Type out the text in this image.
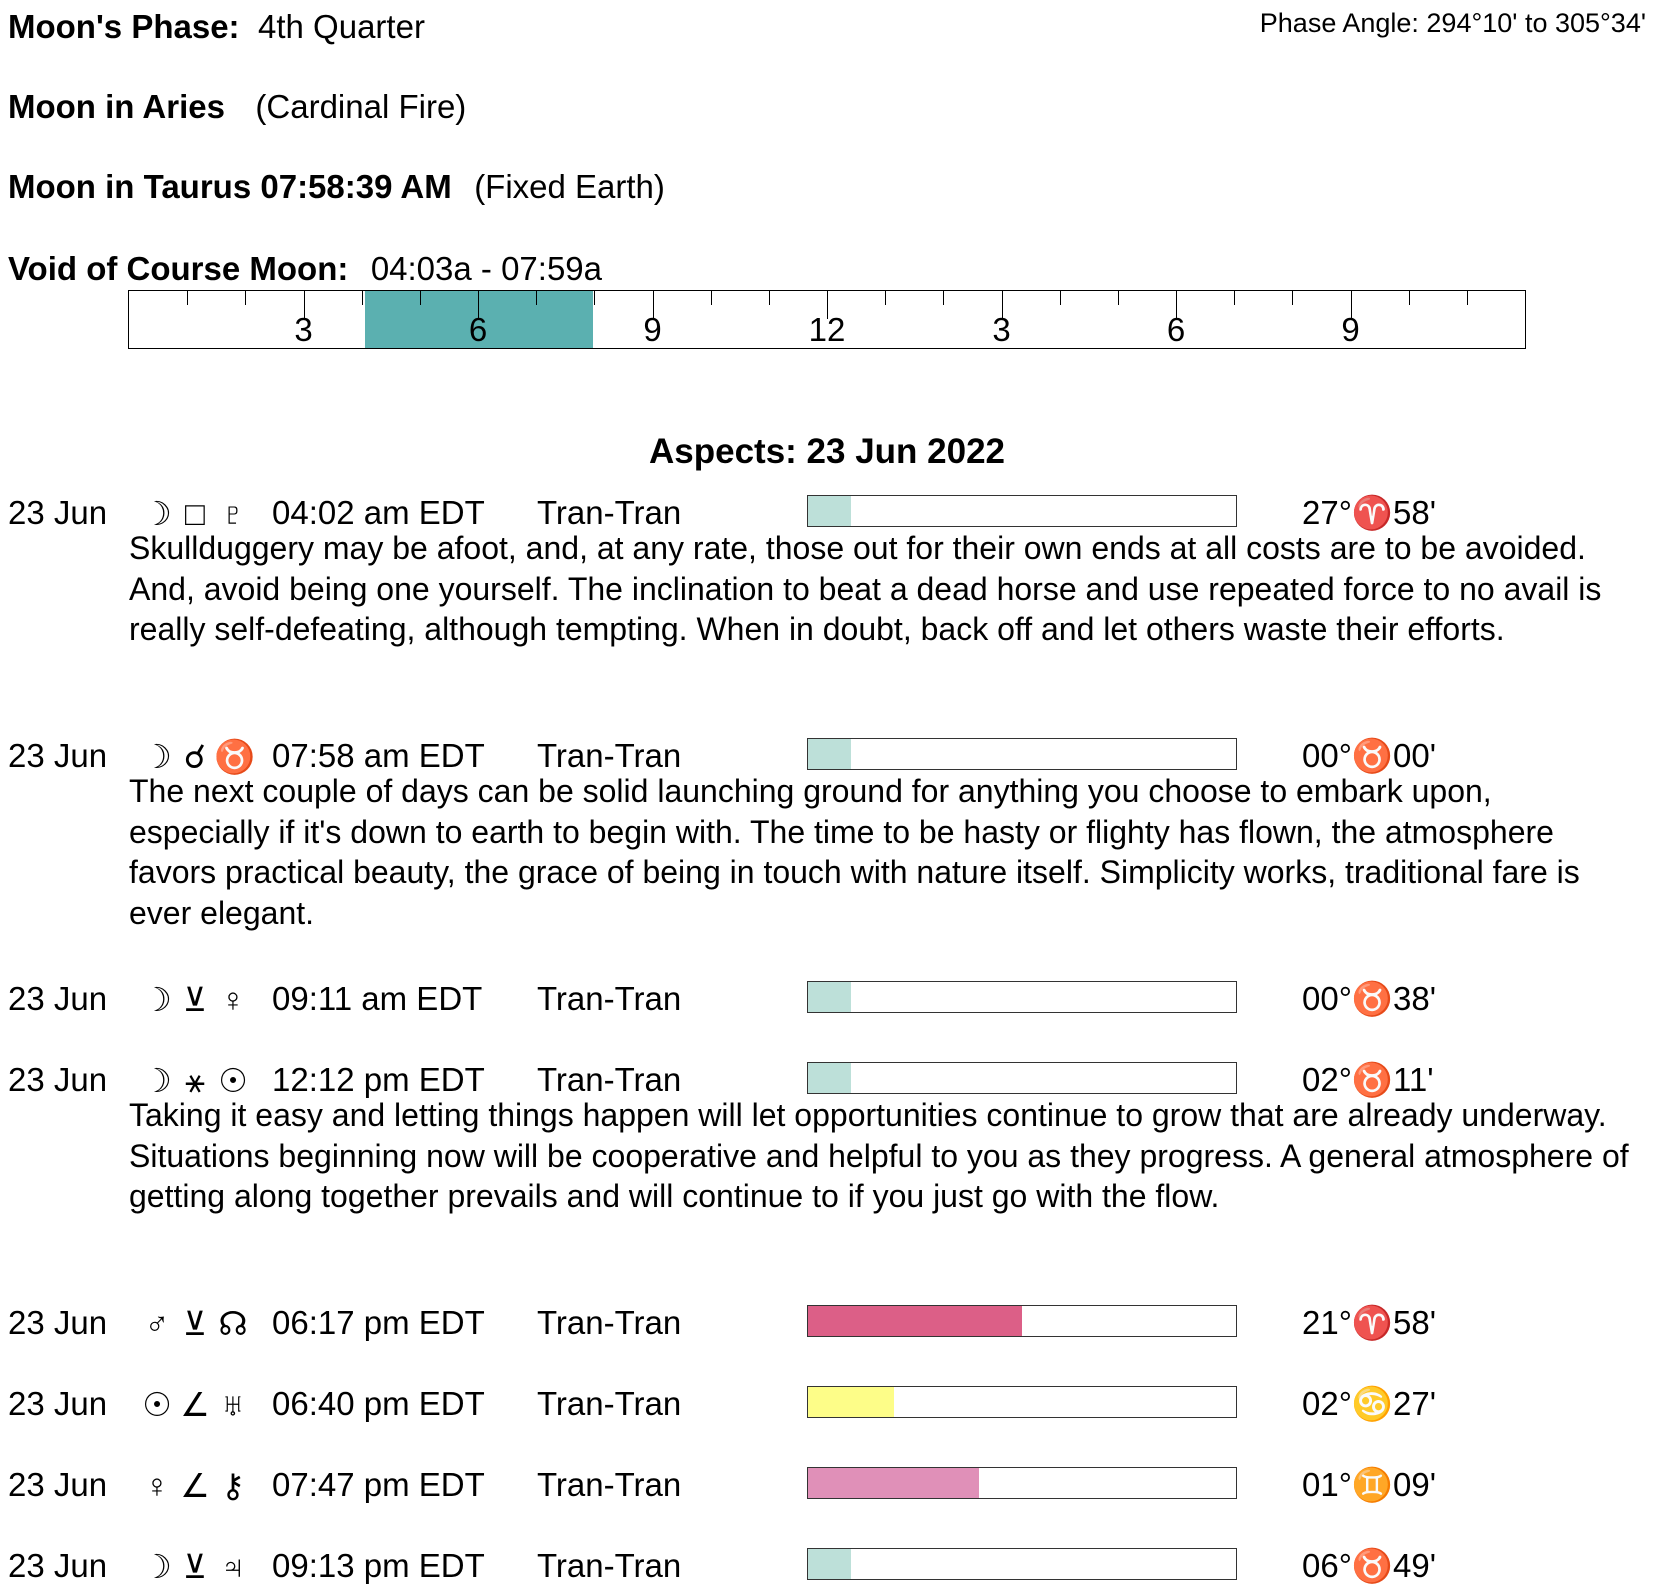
Moon's Phase: 4th Quarter	Phase Angle: 294°10' to 305°34'
Moon in Aries (Cardinal Fire)
Moon in Taurus 07:58:39 AM (Fixed Earth)
Void of Course Moon: 04:03a - 07:59a
3	6	9	12	3	6	9
Aspects: 23 Jun 2022
23 Jun ☽ □ ♇ 04:02 am EDT Tran-Tran	27°♈58'

Skullduggery may be afoot, and, at any rate, those out for their own ends at all costs are to be avoided. And, avoid being one yourself. The inclination to beat a dead horse and use repeated force to no avail is really self-defeating, although tempting. When in doubt, back off and let others waste their efforts.

23 Jun ☽ ☌ ♉ 07:58 am EDT Tran-Tran	00°♉00'

The next couple of days can be solid launching ground for anything you choose to embark upon, especially if it's down to earth to begin with. The time to be hasty or flighty has flown, the atmosphere favors practical beauty, the grace of being in touch with nature itself. Simplicity works, traditional fare is ever elegant.

23 Jun ☽ ⊻ ♀ 09:11 am EDT Tran-Tran	00°♉38'
23 Jun ☽ ⚹ ☉ 12:12 pm EDT Tran-Tran	02°♉11'

Taking it easy and letting things happen will let opportunities continue to grow that are already underway. Situations beginning now will be cooperative and helpful to you as they progress. A general atmosphere of getting along together prevails and will continue to if you just go with the flow.

23 Jun ♂ ⊻ ☊ 06:17 pm EDT Tran-Tran	21°♈58'
23 Jun ☉ ∠ ♅ 06:40 pm EDT Tran-Tran	02°♋27'
23 Jun ♀ ∠ ⚷ 07:47 pm EDT Tran-Tran	01°♊09'
23 Jun ☽ ⊻ ♃ 09:13 pm EDT Tran-Tran	06°♉49'
